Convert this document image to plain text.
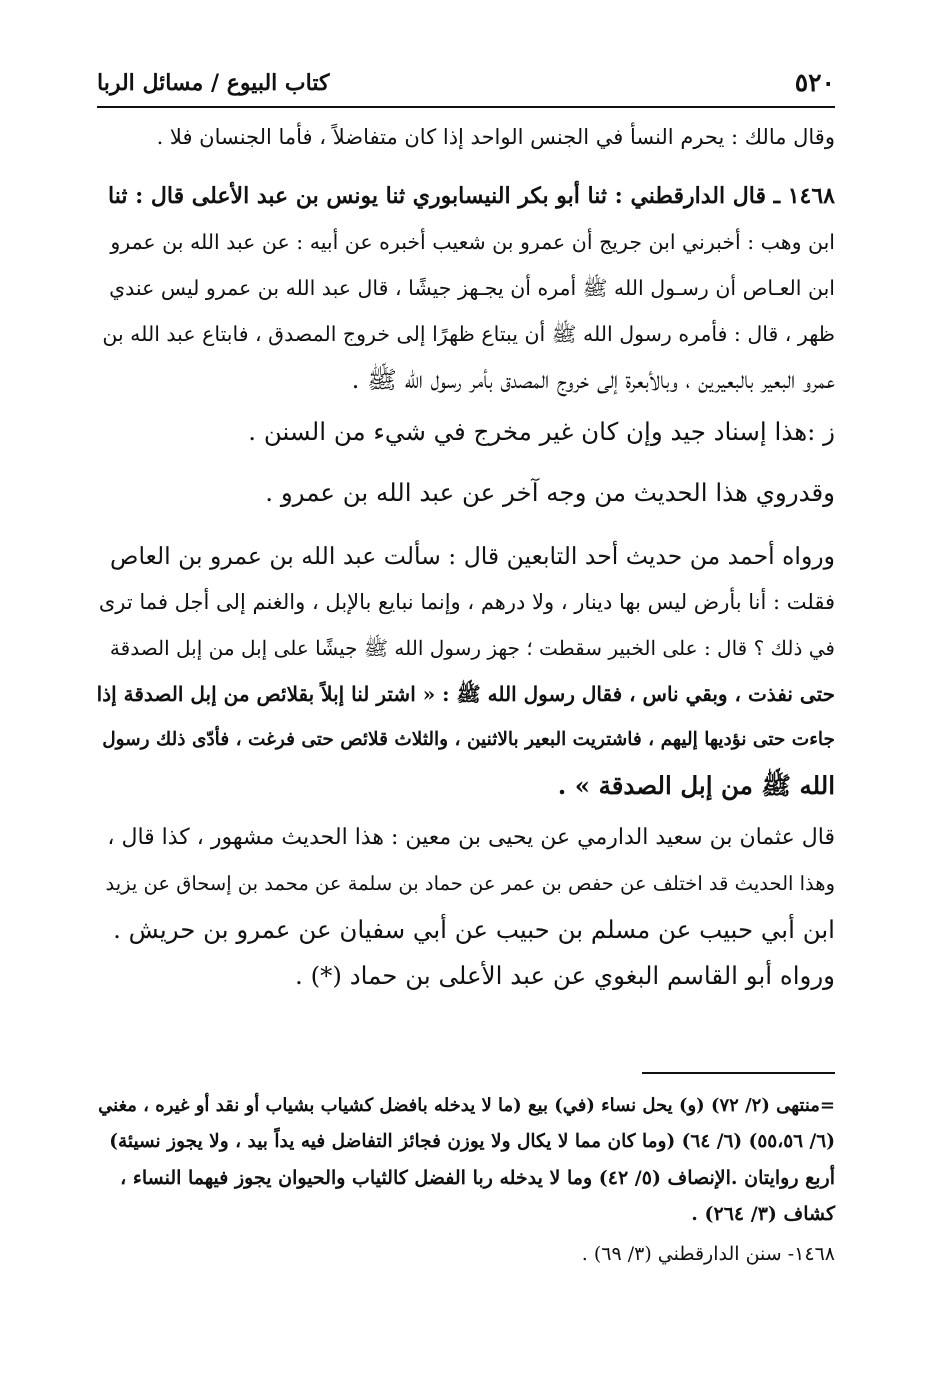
٥٢٠
كتاب البيوع / مسائل الربا
وقال مالك : يحرم النسأ في الجنس الواحد إذا كان متفاضلاً ، فأما الجنسان فلا .
١٤٦٨ ـ قال الدارقطني : ثنا أبو بكر النيسابوري ثنا يونس بن عبد الأعلى قال : ثنا
ابن وهب : أخبرني ابن جريج أن عمرو بن شعيب أخبره عن أبيه : عن عبد الله بن عمرو
ابن العـاص أن رسـول الله ﷺ أمره أن يجـهز جيشًا ، قال عبد الله بن عمرو ليس عندي
ظهر ، قال : فأمره رسول الله ﷺ أن يبتاع ظهرًا إلى خروج المصدق ، فابتاع عبد الله بن
عمرو البعير بالبعيرين ، وبالأبعرة إلى خروج المصدق بأمر رسول الله ﷺ .
ز :هذا إسناد جيد وإن كان غير مخرج في شيء من السنن .
وقدروي هذا الحديث من وجه آخر عن عبد الله بن عمرو .
ورواه أحمد من حديث أحد التابعين قال : سألت عبد الله بن عمرو بن العاص
فقلت : أنا بأرض ليس بها دينار ، ولا درهم ، وإنما نبايع بالإبل ، والغنم إلى أجل فما ترى
في ذلك ؟ قال : على الخبير سقطت ؛ جهز رسول الله ﷺ جيشًا على إبل من إبل الصدقة
حتى نفذت ، وبقي ناس ، فقال رسول الله ﷺ : « اشتر لنا إبلاً بقلائص من إبل الصدقة إذا
جاءت حتى نؤديها إليهم ، فاشتريت البعير بالاثنين ، والثلاث قلائص حتى فرغت ، فأدّى ذلك رسول
الله ﷺ من إبل الصدقة » .
قال عثمان بن سعيد الدارمي عن يحيى بن معين : هذا الحديث مشهور ، كذا قال ،
وهذا الحديث قد اختلف عن حفص بن عمر عن حماد بن سلمة عن محمد بن إسحاق عن يزيد
ابن أبي حبيب عن مسلم بن حبيب عن أبي سفيان عن عمرو بن حريش .
ورواه أبو القاسم البغوي عن عبد الأعلى بن حماد (*) .
=منتهى (٢/ ٧٢) (و) يحل نساء (في) بيع (ما لا يدخله بافضل كشياب بشياب أو نقد أو غيره ، مغني
(٦/ ٥٥،٥٦) (٦/ ٦٤) (وما كان مما لا يكال ولا يوزن فجائز التفاضل فيه يداً بيد ، ولا يجوز نسيئة)
أربع روايتان .الإنصاف (٥/ ٤٢) وما لا يدخله ربا الفضل كالثياب والحيوان يجوز فيهما النساء ،
كشاف (٣/ ٢٦٤) .
١٤٦٨- سنن الدارقطني (٣/ ٦٩) .
